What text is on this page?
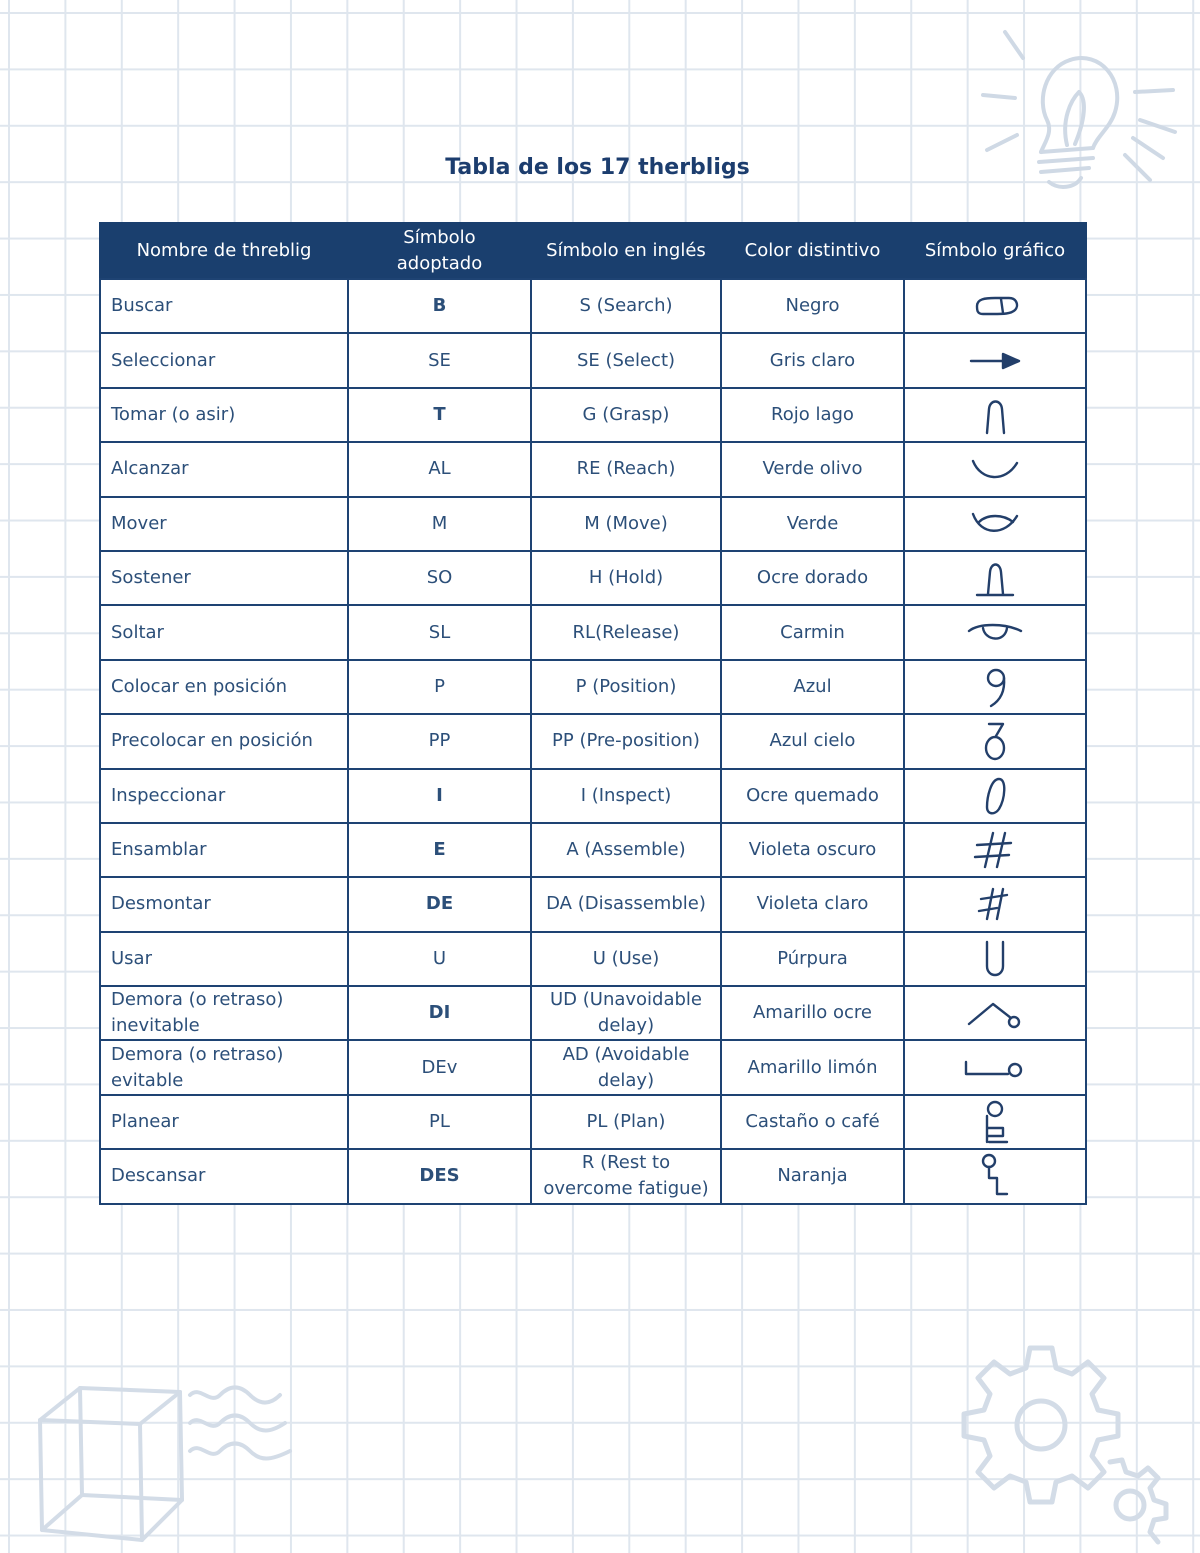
Tabla de los 17 therbligs
Nombre de threblig	Símbolo adoptado	Símbolo en inglés	Color distintivo	Símbolo gráfico
Buscar	B	S (Search)	Negro	

Seleccionar	SE	SE (Select)	Gris claro	

Tomar (o asir)	T	G (Grasp)	Rojo lago	

Alcanzar	AL	RE (Reach)	Verde olivo	

Mover	M	M (Move)	Verde	

Sostener	SO	H (Hold)	Ocre dorado	

Soltar	SL	RL(Release)	Carmin	

Colocar en posición	P	P (Position)	Azul	

Precolocar en posición	PP	PP (Pre-position)	Azul cielo	

Inspeccionar	I	I (Inspect)	Ocre quemado	

Ensamblar	E	A (Assemble)	Violeta oscuro	

Desmontar	DE	DA (Disassemble)	Violeta claro	

Usar	U	U (Use)	Púrpura	

Demora (o retraso) inevitable	DI	UD (Unavoidable delay)	Amarillo ocre	

Demora (o retraso) evitable	DEv	AD (Avoidable delay)	Amarillo limón	

Planear	PL	PL (Plan)	Castaño o café	

Descansar	DES	R (Rest to overcome fatigue)	Naranja	
